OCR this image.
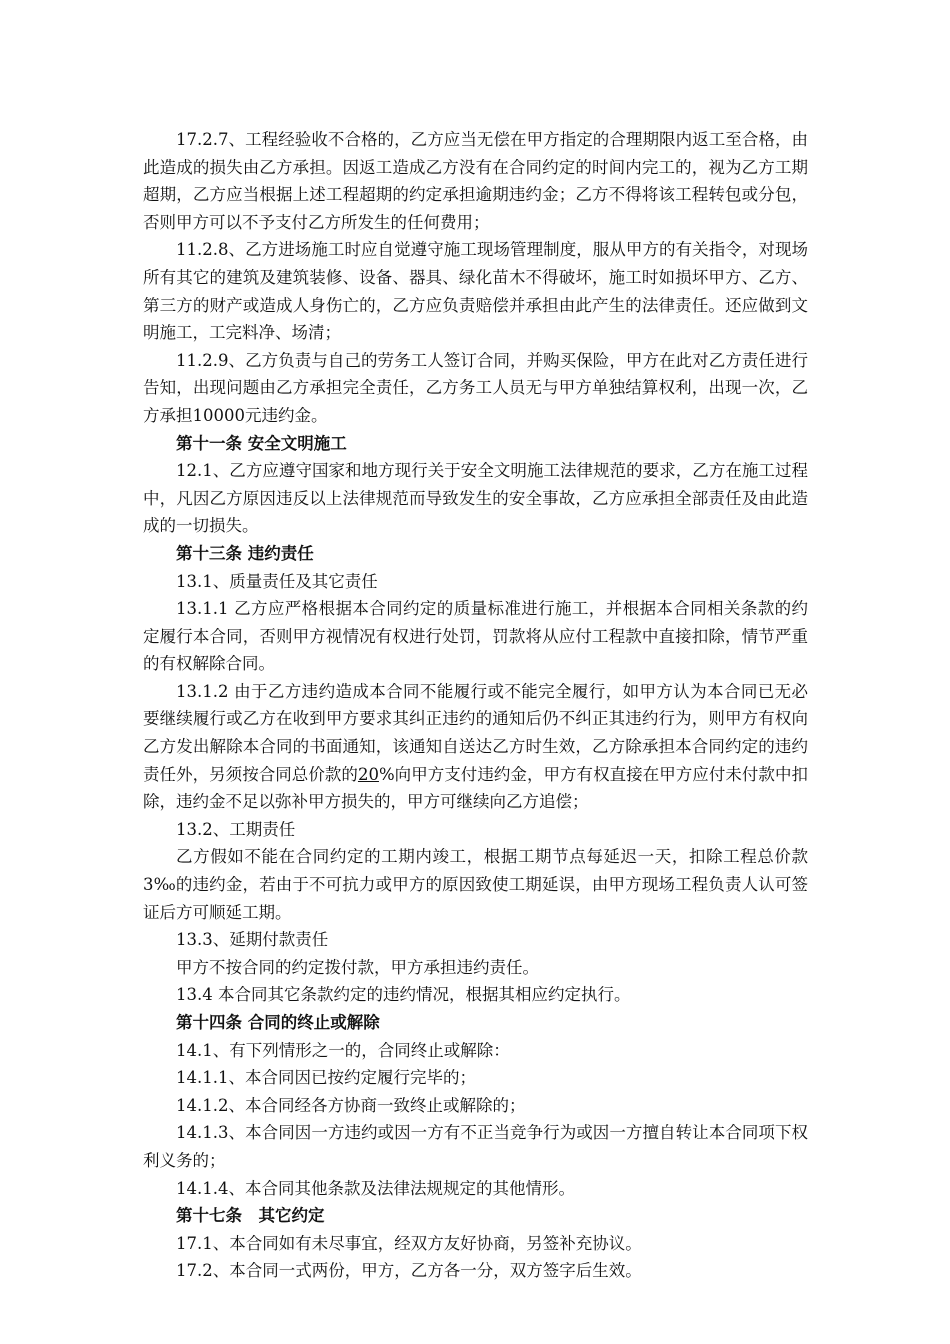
17.2.7、工程经验收不合格的，乙方应当无偿在甲方指定的合理期限内返工至合格，由此造成的损失由乙方承担。因返工造成乙方没有在合同约定的时间内完工的，视为乙方工期超期，乙方应当根据上述工程超期的约定承担逾期违约金；乙方不得将该工程转包或分包，否则甲方可以不予支付乙方所发生的任何费用；

11.2.8、乙方进场施工时应自觉遵守施工现场管理制度，服从甲方的有关指令，对现场所有其它的建筑及建筑装修、设备、器具、绿化苗木不得破坏，施工时如损坏甲方、乙方、第三方的财产或造成人身伤亡的，乙方应负责赔偿并承担由此产生的法律责任。还应做到文明施工，工完料净、场清；

11.2.9、乙方负责与自己的劳务工人签订合同，并购买保险，甲方在此对乙方责任进行告知，出现问题由乙方承担完全责任，乙方务工人员无与甲方单独结算权利，出现一次，乙方承担10000元违约金。

第十一条 安全文明施工

12.1、乙方应遵守国家和地方现行关于安全文明施工法律规范的要求，乙方在施工过程中，凡因乙方原因违反以上法律规范而导致发生的安全事故，乙方应承担全部责任及由此造成的一切损失。

第十三条 违约责任

13.1、质量责任及其它责任

13.1.1 乙方应严格根据本合同约定的质量标准进行施工，并根据本合同相关条款的约定履行本合同，否则甲方视情况有权进行处罚，罚款将从应付工程款中直接扣除，情节严重的有权解除合同。

13.1.2 由于乙方违约造成本合同不能履行或不能完全履行，如甲方认为本合同已无必要继续履行或乙方在收到甲方要求其纠正违约的通知后仍不纠正其违约行为，则甲方有权向乙方发出解除本合同的书面通知，该通知自送达乙方时生效，乙方除承担本合同约定的违约责任外，另须按合同总价款的20%向甲方支付违约金，甲方有权直接在甲方应付未付款中扣除，违约金不足以弥补甲方损失的，甲方可继续向乙方追偿；

13.2、工期责任

乙方假如不能在合同约定的工期内竣工，根据工期节点每延迟一天，扣除工程总价款3‰的违约金，若由于不可抗力或甲方的原因致使工期延误，由甲方现场工程负责人认可签证后方可顺延工期。

13.3、延期付款责任

甲方不按合同的约定拨付款，甲方承担违约责任。

13.4 本合同其它条款约定的违约情况，根据其相应约定执行。

第十四条 合同的终止或解除

14.1、有下列情形之一的，合同终止或解除：

14.1.1、本合同因已按约定履行完毕的；

14.1.2、本合同经各方协商一致终止或解除的；

14.1.3、本合同因一方违约或因一方有不正当竞争行为或因一方擅自转让本合同项下权利义务的；

14.1.4、本合同其他条款及法律法规规定的其他情形。

第十七条　其它约定

17.1、本合同如有未尽事宜，经双方友好协商，另签补充协议。

17.2、本合同一式两份，甲方，乙方各一分，双方签字后生效。
